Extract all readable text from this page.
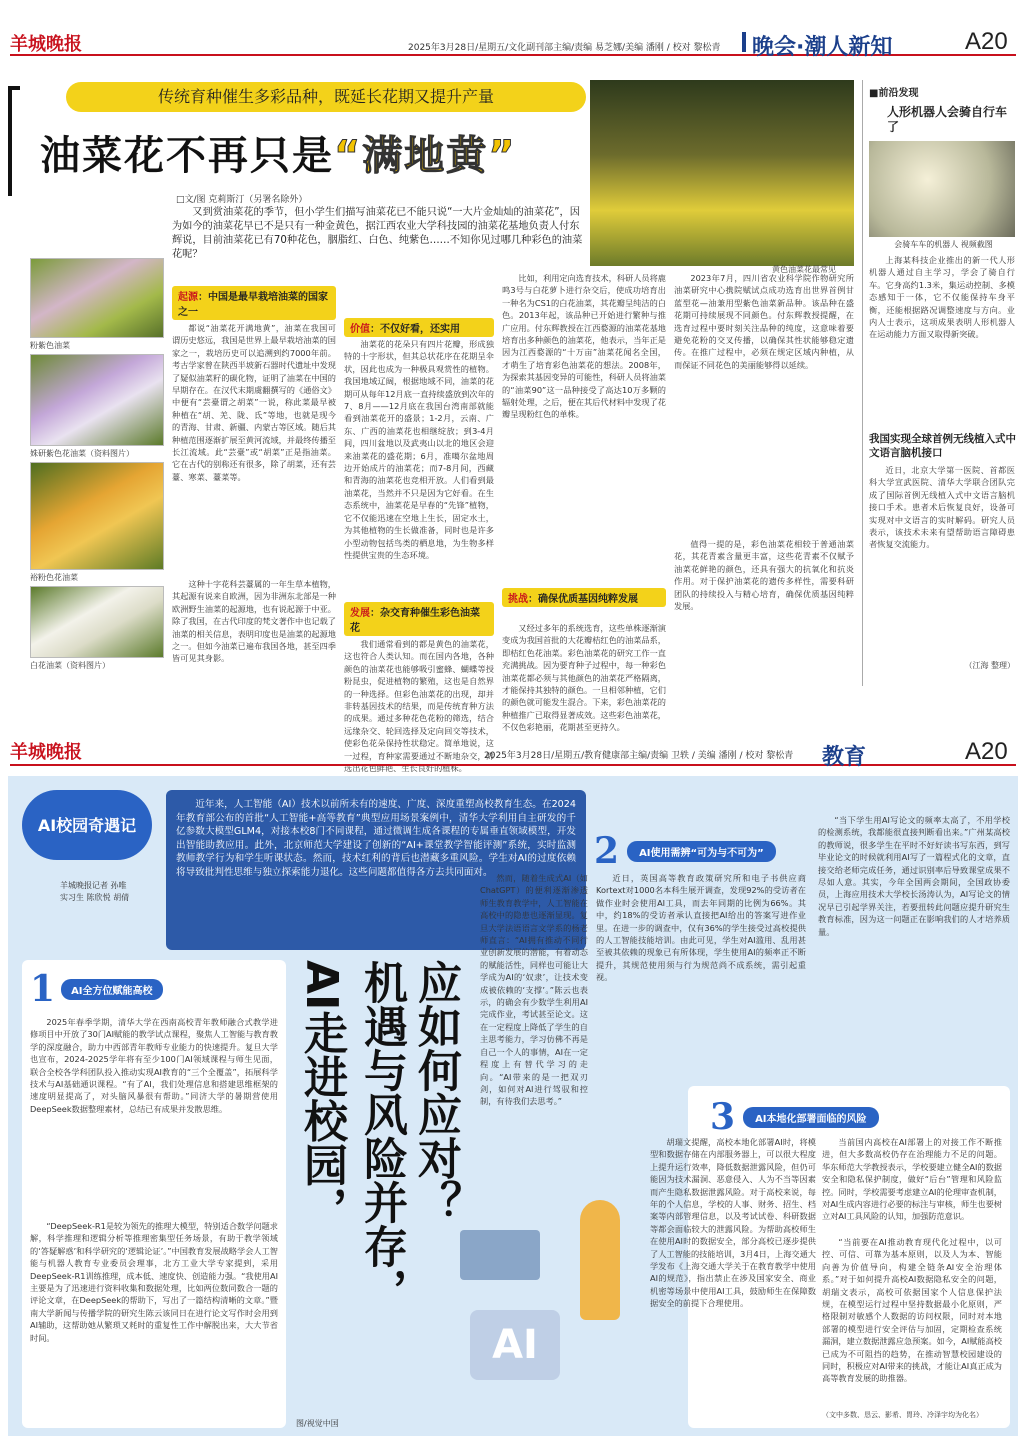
羊城晚报	2025年3月28日/星期五/文化副刊部主编/责编 易芝娜/美编 潘刚 / 校对 黎松青 晚会·潮人新知	A20
传统育种催生多彩品种，既延长花期又提升产量
油菜花不再只是“满地黄”
黄色油菜花最常见
□文/图 克莉斯汀（另署名除外）
又到赏油菜花的季节，但小学生们描写油菜花已不能只说“一大片金灿灿的油菜花”，因为如今的油菜花早已不是只有一种金黄色，据江西农业大学科技园的油菜花基地负责人付东辉说，目前油菜花已有70种花色，胭脂红、白色、纯紫色……不知你见过哪几种彩色的油菜花呢？
粉紫色油菜
姝研紫色花油菜（资料图片）
裕粉色花油菜
白花油菜（资料图片）
起源：中国是最早栽培油菜的国家之一
价值：不仅好看，还实用
发展：杂交育种催生彩色油菜花
挑战：确保优质基因纯粹发展
都说“油菜花开满地黄”，油菜在我国可谓历史悠远，我国是世界上最早栽培油菜的国家之一，栽培历史可以追溯到约7000年前。考古学家曾在陕西半坡新石器时代遗址中发现了疑似油菜籽的碳化物，证明了油菜在中国的早期存在。在汉代末期虞翻撰写的《通俗文》中便有“芸臺谓之胡菜”一说，称此菜最早被种植在“胡、羌、陇、氐”等地，也就是现今的青海、甘肃、新疆、内蒙古等区域。随后其种植范围逐渐扩展至黄河流域，并最终传播至长江流域。此“芸臺”或“胡菜”正是指油菜。它在古代的别称还有很多，除了胡菜，还有芸薹、寒菜、薹菜等。
这种十字花科芸薹属的一年生草本植物，其起源有说来自欧洲，因为非洲东北部是一种欧洲野生油菜的起源地，也有说起源于中亚。除了我国，在古代印度的梵文著作中也记载了油菜的相关信息，表明印度也是油菜的起源地之一。但如今油菜已遍布我国各地，甚至四季皆可见其身影。
油菜花的花朵只有四片花瓣，形成独特的十字形状，但其总状花序在花期呈伞状，因此也成为一种极具观赏性的植物。我国地域辽阔，根据地域不同，油菜的花期可从每年12月底一直持续盛放到次年的7、8月——12月底在我国台湾南部就能看到油菜花开的盛景；1-2月，云南、广东、广西的油菜花也相继绽放；到3-4月间，四川盆地以及武夷山以北的地区会迎来油菜花的盛花期；6月，准噶尔盆地周边开始成片的油菜花；而7-8月间，西藏和青海的油菜花也竞相开放。人们看到最油菜花，当然并不只是因为它好看。在生态系统中，油菜花是早春的“先锋”植物，它不仅能迅速在空地上生长，固定水土，为其他植物的生长做准备，同时也是许多小型动物包括鸟类的栖息地，为生物多样性提供宝贵的生态环境。
我们通常看到的都是黄色的油菜花，这也符合人类认知。而在国内各地，各种颜色的油菜花也能够吸引蜜蜂、蝴蝶等授粉昆虫，促进植物的繁殖，这也是自然界的一种选择。但彩色油菜花的出现，却并非转基因技术的结果，而是传统育种方法的成果。通过多种花色花粉的筛选，结合远缘杂交、轮回选择及定向回交等技术，使彩色花朵保持性状稳定。简单地说，这一过程，育种家需要通过不断地杂交，筛选出花色鲜艳、生长良好的植株。
比如，利用定向选育技术，科研人员将鹿鸣3号与白花萝卜进行杂交后，使成功培育出一种名为CS1的白花油菜，其花瓣呈纯洁的白色。2013年起，该品种已开始进行繁种与推广应用。付东辉教授在江西婺源的油菜花基地培育出多种颜色的油菜花，他表示，当年正是因为江西婺源的“十万亩”油菜花闻名全国，才萌生了培育彩色油菜花的想法。2008年，为探索其基因变异的可能性，科研人员将油菜的“油菜90”这一品种接受了高达10万多颗的辐射处理，之后，便在其后代材料中发现了花瓣呈现粉红色的单株。
又经过多年的系统选育，这些单株逐渐演变成为我国首批的大花瓣桔红色的油菜品系，即桔红色花油菜。彩色油菜花的研究工作一直充满挑战。因为要育种子过程中，每一种彩色油菜花都必须与其他颜色的油菜花严格隔离，才能保持其独特的颜色。一旦相邻种植，它们的颜色就可能发生混合。下来，彩色油菜花的种植推广已取得显著成效。这些彩色油菜花，不仅色彩艳丽，花期甚至更持久。
2023年7月，四川省农业科学院作物研究所油菜研究中心携院赋试点成功选育出世界首例甘蓝型花—油兼用型紫色油菜新品种。该品种在盛花期可持续展现不同颜色。付东辉教授提醒，在选育过程中要时刻关注品种的纯度，这意味着要避免花粉的交叉传播，以确保其性状能够稳定遗传。在推广过程中，必须在规定区域内种植，从而保证不同花色的美丽能够得以延续。
值得一提的是，彩色油菜花相较于普通油菜花，其花青素含量更丰富，这些花青素不仅赋予油菜花鲜艳的颜色，还具有强大的抗氧化和抗炎作用。对于保护油菜花的遗传多样性，需要科研团队的持续投入与精心培育，确保优质基因纯粹发展。
■前沿发现
人形机器人会骑自行车了
会骑车车的机器人 视频截图
上海某科技企业推出的新一代人形机器人通过自主学习，学会了骑自行车。它身高约1.3米，集运动控制、多模态感知于一体，它不仅能保持车身平衡，还能根据路况调整速度与方向。业内人士表示，这项成果表明人形机器人在运动能力方面又取得新突破。
我国实现全球首例无线植入式中文语言脑机接口
近日，北京大学第一医院、首都医科大学宣武医院、清华大学联合团队完成了国际首例无线植入式中文语言脑机接口手术。患者术后恢复良好，设备可实现对中文语言的实时解码。研究人员表示，该技术未来有望帮助语言障碍患者恢复交流能力。
（江海 整理）
羊城晚报	2025年3月28日/星期五/教育健康部主编/责编 卫轶 / 美编 潘刚 / 校对 黎松青 教育	A20
AI校园奇遇记
羊城晚报记者 孙唯
实习生 陈欣悦 胡倩
近年来，人工智能（AI）技术以前所未有的速度、广度、深度重塑高校教育生态。在2024年教育部公布的首批“人工智能+高等教育”典型应用场景案例中，清华大学利用自主研发的千亿参数大模型GLM4，对接本校8门不同课程，通过微调生成各课程的专属垂直领域模型，开发出智能助教应用。此外，北京师范大学建设了创新的“AI+课堂教学智能评测”系统，实时监测教师教学行为和学生听课状态。然而，技术红利的背后也潜藏多重风险。学生对AI的过度依赖将导致批判性思维与独立探索能力退化。这些问题都值得各方去共同面对。
应如何应对？
机遇与风险并存，
AI走进校园，
AI
图/视觉中国
1	AI全方位赋能高校
2025年春季学期，清华大学在西南高校青年教师融合式教学进修项目中开放了30门AI赋能的教学试点课程，聚焦人工智能与教育教学的深度融合，助力中西部青年教师专业能力的快速提升。复旦大学也宣布，2024-2025学年将有至少100门AI领域课程与师生见面，联合全校各学科团队投入推动实现AI教育的“三个全覆盖”，拓展科学技术与AI基础通识课程。“有了AI，我们处理信息和搭建思维框架的速度明显提高了，对头脑风暴很有帮助。”同济大学的暑期营使用DeepSeek数据整理素材，总结已有成果并发散思维。
“DeepSeek-R1是较为领先的推理大模型，特别适合数学问题求解，科学推理和逻辑分析等推理密集型任务场景，有助于教学领域的‘答疑解惑’和科学研究的‘逻辑论证’。”中国教育发展战略学会人工智能与机器人教育专业委员会理事，北方工业大学专家提到，采用DeepSeek-R1训练推理，成本低、速度快、创造能力强。“我使用AI主要是为了迅速进行资料收集和数据处理，比如两位数同数合一题的评论文章，在DeepSeek的帮助下，写出了一篇结构清晰的文章。”暨南大学新闻与传播学院的研究生陈云该同日在进行论文写作时会用到AI辅助，这帮助她从繁琐又耗时的重复性工作中解脱出来，大大节省时间。
2	AI使用需辨“可为与不可为”
然而，随着生成式AI（如ChatGPT）的便利逐渐渗透师生教育教学中，人工智能在高校中的隐患也逐渐显现。复旦大学法语语言文学系的杨老师直言：“AI拥有推动不同行业创新发展的潜能，有着动态的赋能活性，同样也可能让大学成为AI的‘奴隶’，让技术变成被依赖的‘支撑’。”陈云也表示，的确会有少数学生利用AI完成作业，考试甚至论文。这在一定程度上降低了学生的自主思考能力，学习仿佛不再是自己一个人的事情，AI在一定程度上有替代学习的走向。“AI带来的是一把双刃剑，如何对AI进行驾驭和控制，有待我们去思考。”
近日，英国高等教育政策研究所和电子书供应商Kortext对1000名本科生展开调查，发现92%的受访者在做作业时会使用AI工具，而去年同期的比例为66%。其中，约18%的受访者承认直接把AI给出的答案写进作业里。在进一步的调查中，仅有36%的学生接受过高校提供的人工智能技能培训。由此可见，学生对AI滥用、乱用甚至被其依赖的现象已有所体现，学生使用AI的频率正不断提升，其规范使用须与行为规范尚不成系统，需引起重视。
“当下学生用AI写论文的频率太高了，不用学校的检测系统，我都能很直接判断看出来。”广州某高校的教师说，很多学生在平时不好好读书写东西，到写毕业论文的时候就利用AI写了一篇程式化的文章，直接交给老师完成任务，通过识别率后导致课堂成果不尽如人意。其实，今年全国两会期间，全国政协委员，上海应用技术大学校长汤涛认为，AI写论文的情况早已引起学界关注，若要扭转此问题应提升研究生教育标准，因为这一问题正在影响我们的人才培养质量。
3	AI本地化部署面临的风险
胡瑞文提醒，高校本地化部署AI时，将模型和数据存储在内部服务器上，可以很大程度上提升运行效率，降低数据泄露风险，但仍可能因为技术漏洞、恶意侵入、人为不当等因素而产生隐私数据泄露风险。对于高校来说，每年的个人信息，学校的人事、财务、招生、档案等内部管理信息，以及考试试卷、科研数据等都会面临较大的泄露风险。为帮助高校师生在使用AI时的数据安全，部分高校已逐步提供了人工智能的技能培训，3月4日，上海交通大学发布《上海交通大学关于在教育教学中使用AI的规范》，指出禁止在涉及国家安全、商业机密等场景中使用AI工具，鼓励师生在保障数据安全的前提下合理使用。
当前国内高校在AI部署上的对接工作不断推进，但大多数高校仍存在治理能力不足的问题。华东师范大学教授表示，学校要建立健全AI的数据安全和隐私保护制度，做好“后台”管理和风险监控。同时，学校需要考虑建立AI的伦理审查机制，对AI生成内容进行必要的标注与审核，师生也要树立对AI工具风险的认知，加强防范意识。
“当前要在AI推动教育现代化过程中，以可控、可信、可靠为基本原则，以及人为本、智能向善为价值导向，构建全链条AI安全治理体系。”对于如何提升高校AI数据隐私安全的问题，胡瑞文表示，高校可依据国家个人信息保护法规，在模型运行过程中坚持数据最小化原则，严格限制对敏感个人数据的访问权限，同时对本地部署的模型进行安全评估与加固，定期检查系统漏洞，建立数据泄露应急预案。如今，AI赋能高校已成为不可阻挡的趋势，在推动智慧校园建设的同时，积极应对AI带来的挑战，才能让AI真正成为高等教育发展的助推器。
（文中多数、恳云、影希、胃玲、冷泽宇均为化名）
